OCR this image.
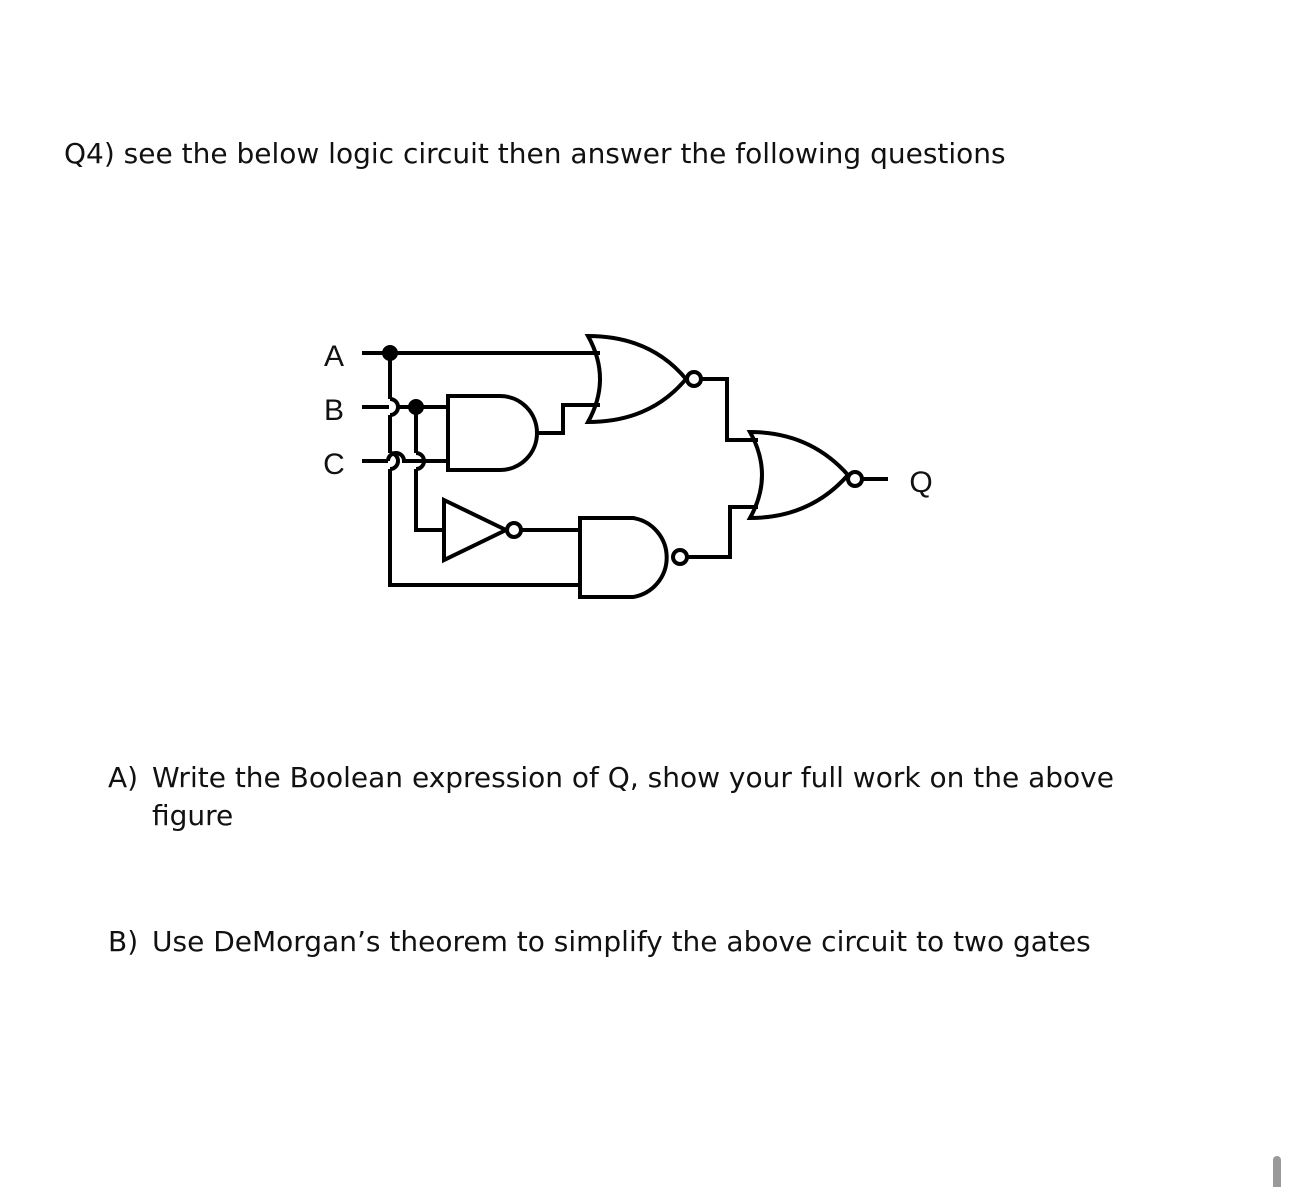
Q4) see the below logic circuit then answer the following questions
A
B
C
Q
A) Write the Boolean expression of Q, show your full work on the above figure
B) Use DeMorgan’s theorem to simplify the above circuit to two gates
